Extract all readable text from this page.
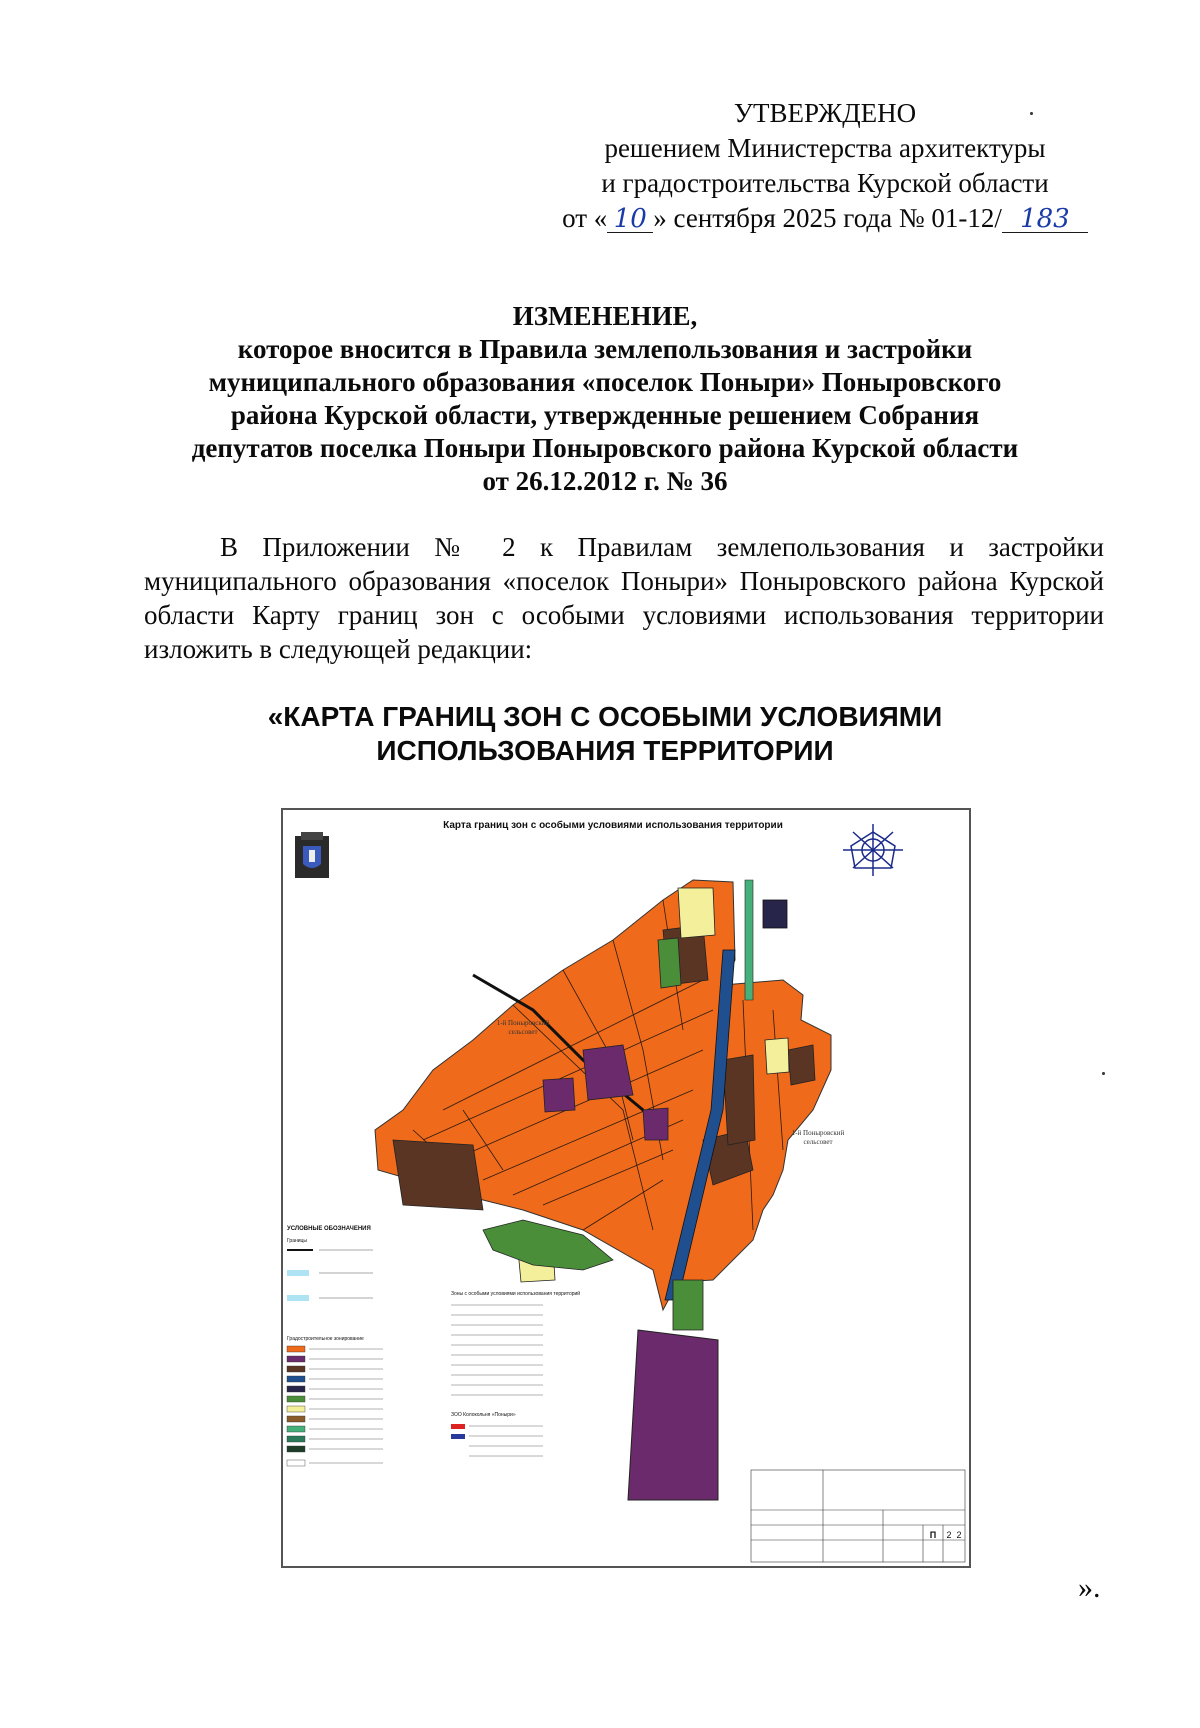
УТВЕРЖДЕНО
решением Министерства архитектуры
и градостроительства Курской области
от « 10 » сентября 2025 года № 01-12/ 183
ИЗМЕНЕНИЕ,
которое вносится в Правила землепользования и застройки
муниципального образования «поселок Поныри» Поныровского
района Курской области, утвержденные решением Собрания
депутатов поселка Поныри Поныровского района Курской области
от 26.12.2012 г. № 36
В Приложении № 2 к Правилам землепользования и застройки муниципального образования «поселок Поныри» Поныровского района Курской области Карту границ зон с особыми условиями использования территории изложить в следующей редакции:
«КАРТА ГРАНИЦ ЗОН С ОСОБЫМИ УСЛОВИЯМИ
ИСПОЛЬЗОВАНИЯ ТЕРРИТОРИИ
Карта границ зон с особыми условиями использования территории
1-й Поныровский
сельсовет
1-й Поныровский
сельсовет
УСЛОВНЫЕ ОБОЗНАЧЕНИЯ
Границы
Градостроительное зонирование
Зоны с особыми условиями использования территорий
ЗОО Колокольня «Поныри»
П 2 2
».
